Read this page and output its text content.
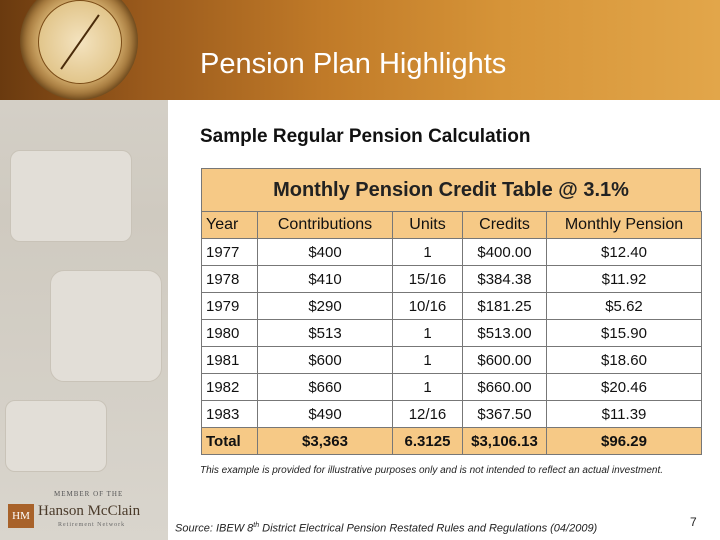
Pension Plan Highlights
Sample Regular Pension Calculation
Monthly Pension Credit Table @ 3.1%
Year	Contributions	Units	Credits	Monthly Pension
1977	$400	1	$400.00	$12.40
1978	$410	15/16	$384.38	$11.92
1979	$290	10/16	$181.25	$5.62
1980	$513	1	$513.00	$15.90
1981	$600	1	$600.00	$18.60
1982	$660	1	$660.00	$20.46
1983	$490	12/16	$367.50	$11.39
Total	$3,363	6.3125	$3,106.13	$96.29
This example is provided for illustrative purposes only and is not intended to reflect an actual investment.
MEMBER OF THE
HM Hanson McClain
Retirement Network	Source: IBEW 8th District Electrical Pension Restated Rules and Regulations (04/2009)	7
